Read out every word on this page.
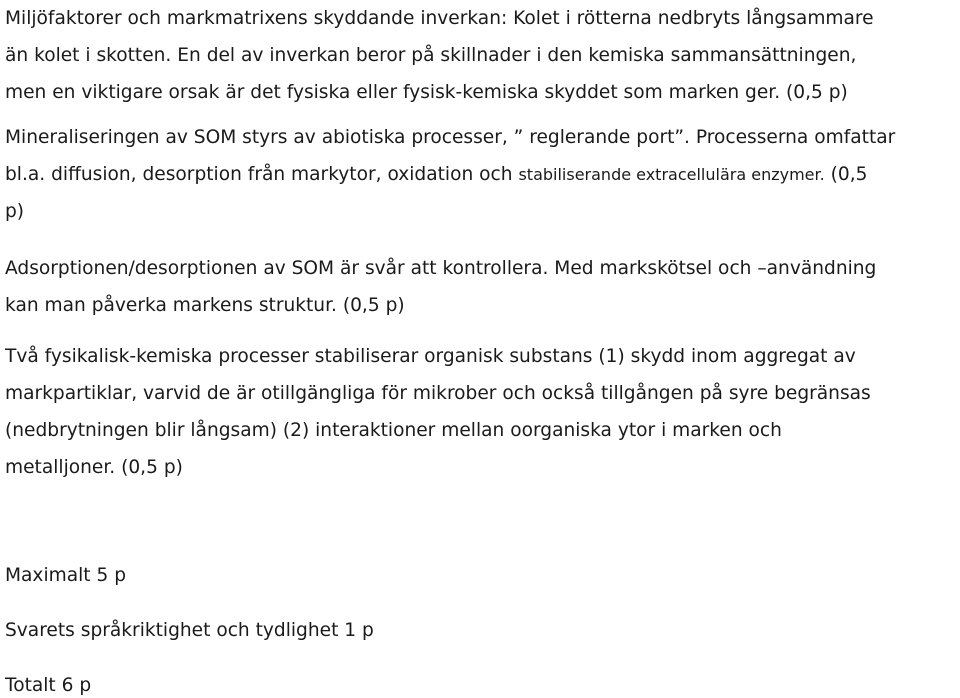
Miljöfaktorer och markmatrixens skyddande inverkan: Kolet i rötterna nedbryts långsammare
än kolet i skotten. En del av inverkan beror på skillnader i den kemiska sammansättningen,
men en viktigare orsak är det fysiska eller fysisk-kemiska skyddet som marken ger. (0,5 p)

Mineraliseringen av SOM styrs av abiotiska processer, ” reglerande port”. Processerna omfattar
bl.a. diffusion, desorption från markytor, oxidation och stabiliserande extracellulära enzymer. (0,5
p)

Adsorptionen/desorptionen av SOM är svår att kontrollera. Med markskötsel och –användning
kan man påverka markens struktur. (0,5 p)

Två fysikalisk-kemiska processer stabiliserar organisk substans (1) skydd inom aggregat av
markpartiklar, varvid de är otillgängliga för mikrober och också tillgången på syre begränsas
(nedbrytningen blir långsam) (2) interaktioner mellan oorganiska ytor i marken och
metalljoner. (0,5 p)

Maximalt 5 p

Svarets språkriktighet och tydlighet 1 p

Totalt 6 p
